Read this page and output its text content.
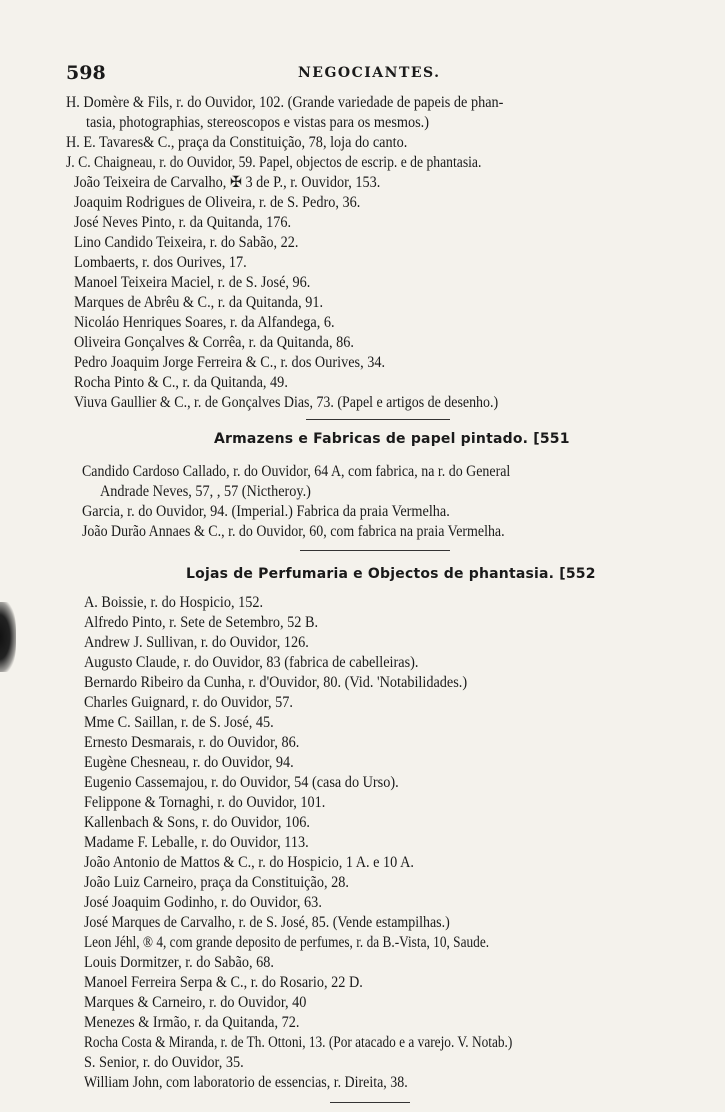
598	NEGOCIANTES.
H. Domère & Fils, r. do Ouvidor, 102. (Grande variedade de papeis de phan-
tasia, photographias, stereoscopos e vistas para os mesmos.)
H. E. Tavares& C., praça da Constituição, 78, loja do canto.
J. C. Chaigneau, r. do Ouvidor, 59. Papel, objectos de escrip. e de phantasia.
João Teixeira de Carvalho, ✠ 3 de P., r. Ouvidor, 153.
Joaquim Rodrigues de Oliveira, r. de S. Pedro, 36.
José Neves Pinto, r. da Quitanda, 176.
Lino Candido Teixeira, r. do Sabão, 22.
Lombaerts, r. dos Ourives, 17.
Manoel Teixeira Maciel, r. de S. José, 96.
Marques de Abrêu & C., r. da Quitanda, 91.
Nicoláo Henriques Soares, r. da Alfandega, 6.
Oliveira Gonçalves & Corrêa, r. da Quitanda, 86.
Pedro Joaquim Jorge Ferreira & C., r. dos Ourives, 34.
Rocha Pinto & C., r. da Quitanda, 49.
Viuva Gaullier & C., r. de Gonçalves Dias, 73. (Papel e artigos de desenho.)
Armazens e Fabricas de papel pintado. [551
Candido Cardoso Callado, r. do Ouvidor, 64 A, com fabrica, na r. do General
Andrade Neves, 57, , 57 (Nictheroy.)
Garcia, r. do Ouvidor, 94. (Imperial.) Fabrica da praia Vermelha.
João Durão Annaes & C., r. do Ouvidor, 60, com fabrica na praia Vermelha.
Lojas de Perfumaria e Objectos de phantasia. [552
A. Boissie, r. do Hospicio, 152.
Alfredo Pinto, r. Sete de Setembro, 52 B.
Andrew J. Sullivan, r. do Ouvidor, 126.
Augusto Claude, r. do Ouvidor, 83 (fabrica de cabelleiras).
Bernardo Ribeiro da Cunha, r. d'Ouvidor, 80. (Vid. 'Notabilidades.)
Charles Guignard, r. do Ouvidor, 57.
Mme C. Saillan, r. de S. José, 45.
Ernesto Desmarais, r. do Ouvidor, 86.
Eugène Chesneau, r. do Ouvidor, 94.
Eugenio Cassemajou, r. do Ouvidor, 54 (casa do Urso).
Felippone & Tornaghi, r. do Ouvidor, 101.
Kallenbach & Sons, r. do Ouvidor, 106.
Madame F. Leballe, r. do Ouvidor, 113.
João Antonio de Mattos & C., r. do Hospicio, 1 A. e 10 A.
João Luiz Carneiro, praça da Constituição, 28.
José Joaquim Godinho, r. do Ouvidor, 63.
José Marques de Carvalho, r. de S. José, 85. (Vende estampilhas.)
Leon Jéhl, ® 4, com grande deposito de perfumes, r. da B.-Vista, 10, Saude.
Louis Dormitzer, r. do Sabão, 68.
Manoel Ferreira Serpa & C., r. do Rosario, 22 D.
Marques & Carneiro, r. do Ouvidor, 40
Menezes & Irmão, r. da Quitanda, 72.
Rocha Costa & Miranda, r. de Th. Ottoni, 13. (Por atacado e a varejo. V. Notab.)
S. Senior, r. do Ouvidor, 35.
William John, com laboratorio de essencias, r. Direita, 38.
